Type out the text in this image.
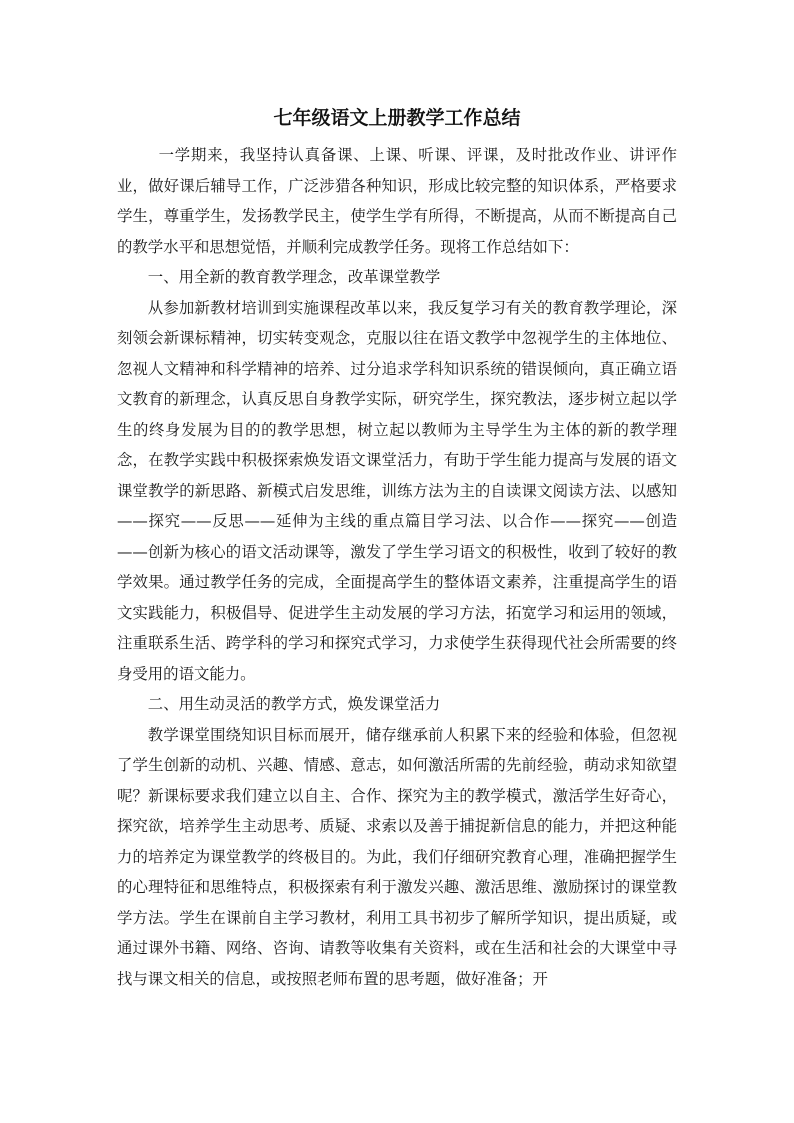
七年级语文上册教学工作总结

一学期来，我坚持认真备课、上课、听课、评课，及时批改作业、讲评作业，做好课后辅导工作，广泛涉猎各种知识，形成比较完整的知识体系，严格要求学生，尊重学生，发扬教学民主，使学生学有所得，不断提高，从而不断提高自己的教学水平和思想觉悟，并顺利完成教学任务。现将工作总结如下：

一、用全新的教育教学理念，改革课堂教学

从参加新教材培训到实施课程改革以来，我反复学习有关的教育教学理论，深刻领会新课标精神，切实转变观念，克服以往在语文教学中忽视学生的主体地位、忽视人文精神和科学精神的培养、过分追求学科知识系统的错误倾向，真正确立语文教育的新理念，认真反思自身教学实际，研究学生，探究教法，逐步树立起以学生的终身发展为目的的教学思想，树立起以教师为主导学生为主体的新的教学理念，在教学实践中积极探索焕发语文课堂活力，有助于学生能力提高与发展的语文课堂教学的新思路、新模式启发思维，训练方法为主的自读课文阅读方法、以感知——探究——反思——延伸为主线的重点篇目学习法、以合作——探究——创造——创新为核心的语文活动课等，激发了学生学习语文的积极性，收到了较好的教学效果。通过教学任务的完成，全面提高学生的整体语文素养，注重提高学生的语文实践能力，积极倡导、促进学生主动发展的学习方法，拓宽学习和运用的领域，注重联系生活、跨学科的学习和探究式学习，力求使学生获得现代社会所需要的终身受用的语文能力。

二、用生动灵活的教学方式，焕发课堂活力

教学课堂围绕知识目标而展开，储存继承前人积累下来的经验和体验，但忽视了学生创新的动机、兴趣、情感、意志，如何激活所需的先前经验，萌动求知欲望呢？新课标要求我们建立以自主、合作、探究为主的教学模式，激活学生好奇心，探究欲，培养学生主动思考、质疑、求索以及善于捕捉新信息的能力，并把这种能力的培养定为课堂教学的终极目的。为此，我们仔细研究教育心理，准确把握学生的心理特征和思维特点，积极探索有利于激发兴趣、激活思维、激励探讨的课堂教学方法。学生在课前自主学习教材，利用工具书初步了解所学知识，提出质疑，或通过课外书籍、网络、咨询、请教等收集有关资料，或在生活和社会的大课堂中寻找与课文相关的信息，或按照老师布置的思考题，做好准备；开
